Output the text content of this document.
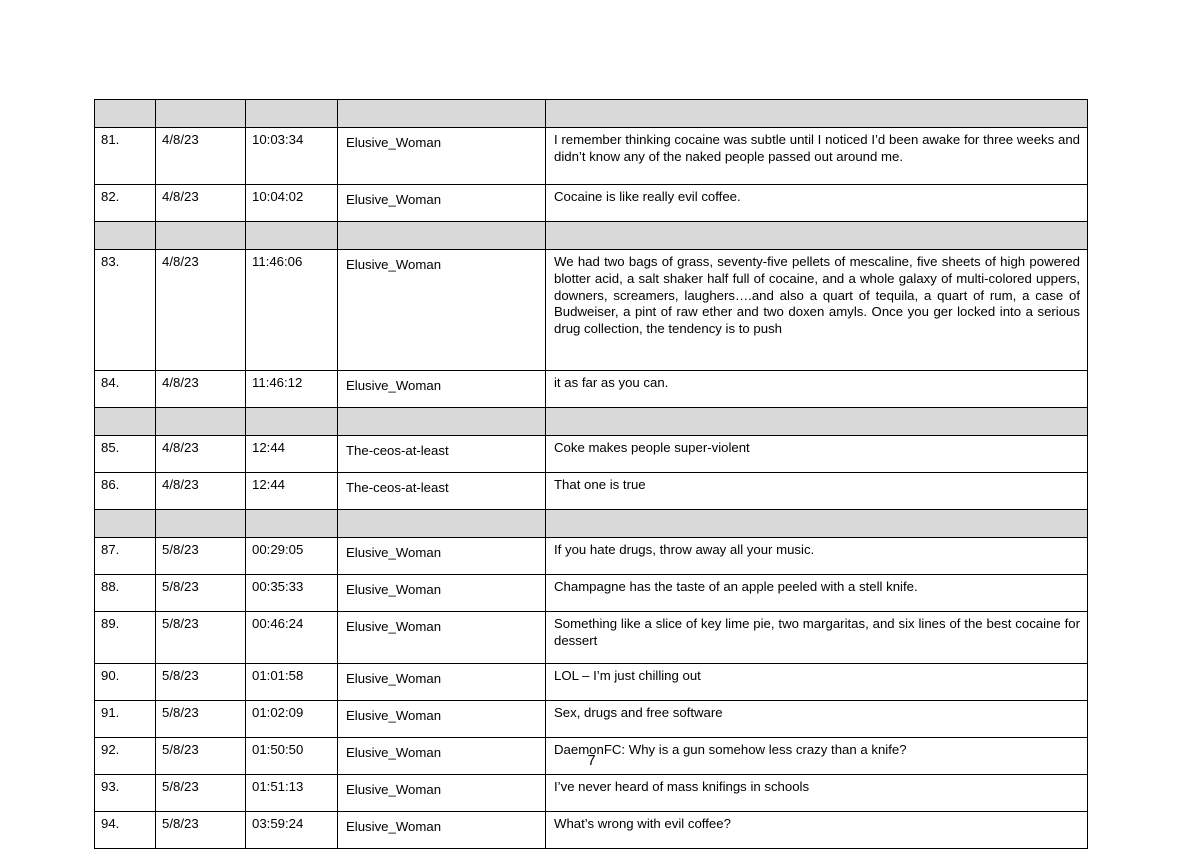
81.	4/8/23	10:03:34	Elusive_Woman	I remember thinking cocaine was subtle until I noticed I’d been awake for three weeks and didn’t know any of the naked people passed out around me.
82.	4/8/23	10:04:02	Elusive_Woman	Cocaine is like really evil coffee.

83.	4/8/23	11:46:06	Elusive_Woman	We had two bags of grass, seventy-five pellets of mescaline, five sheets of high powered blotter acid, a salt shaker half full of cocaine, and a whole galaxy of multi-colored uppers, downers, screamers, laughers….and also a quart of tequila, a quart of rum, a case of Budweiser, a pint of raw ether and two doxen amyls. Once you ger locked into a serious drug collection, the tendency is to push
84.	4/8/23	11:46:12	Elusive_Woman	it as far as you can.

85.	4/8/23	12:44	The-ceos-at-least	Coke makes people super-violent
86.	4/8/23	12:44	The-ceos-at-least	That one is true

87.	5/8/23	00:29:05	Elusive_Woman	If you hate drugs, throw away all your music.
88.	5/8/23	00:35:33	Elusive_Woman	Champagne has the taste of an apple peeled with a stell knife.
89.	5/8/23	00:46:24	Elusive_Woman	Something like a slice of key lime pie, two margaritas, and six lines of the best cocaine for dessert
90.	5/8/23	01:01:58	Elusive_Woman	LOL – I’m just chilling out
91.	5/8/23	01:02:09	Elusive_Woman	Sex, drugs and free software
92.	5/8/23	01:50:50	Elusive_Woman	DaemonFC: Why is a gun somehow less crazy than a knife?
93.	5/8/23	01:51:13	Elusive_Woman	I’ve never heard of mass knifings in schools
94.	5/8/23	03:59:24	Elusive_Woman	What’s wrong with evil coffee?
7
